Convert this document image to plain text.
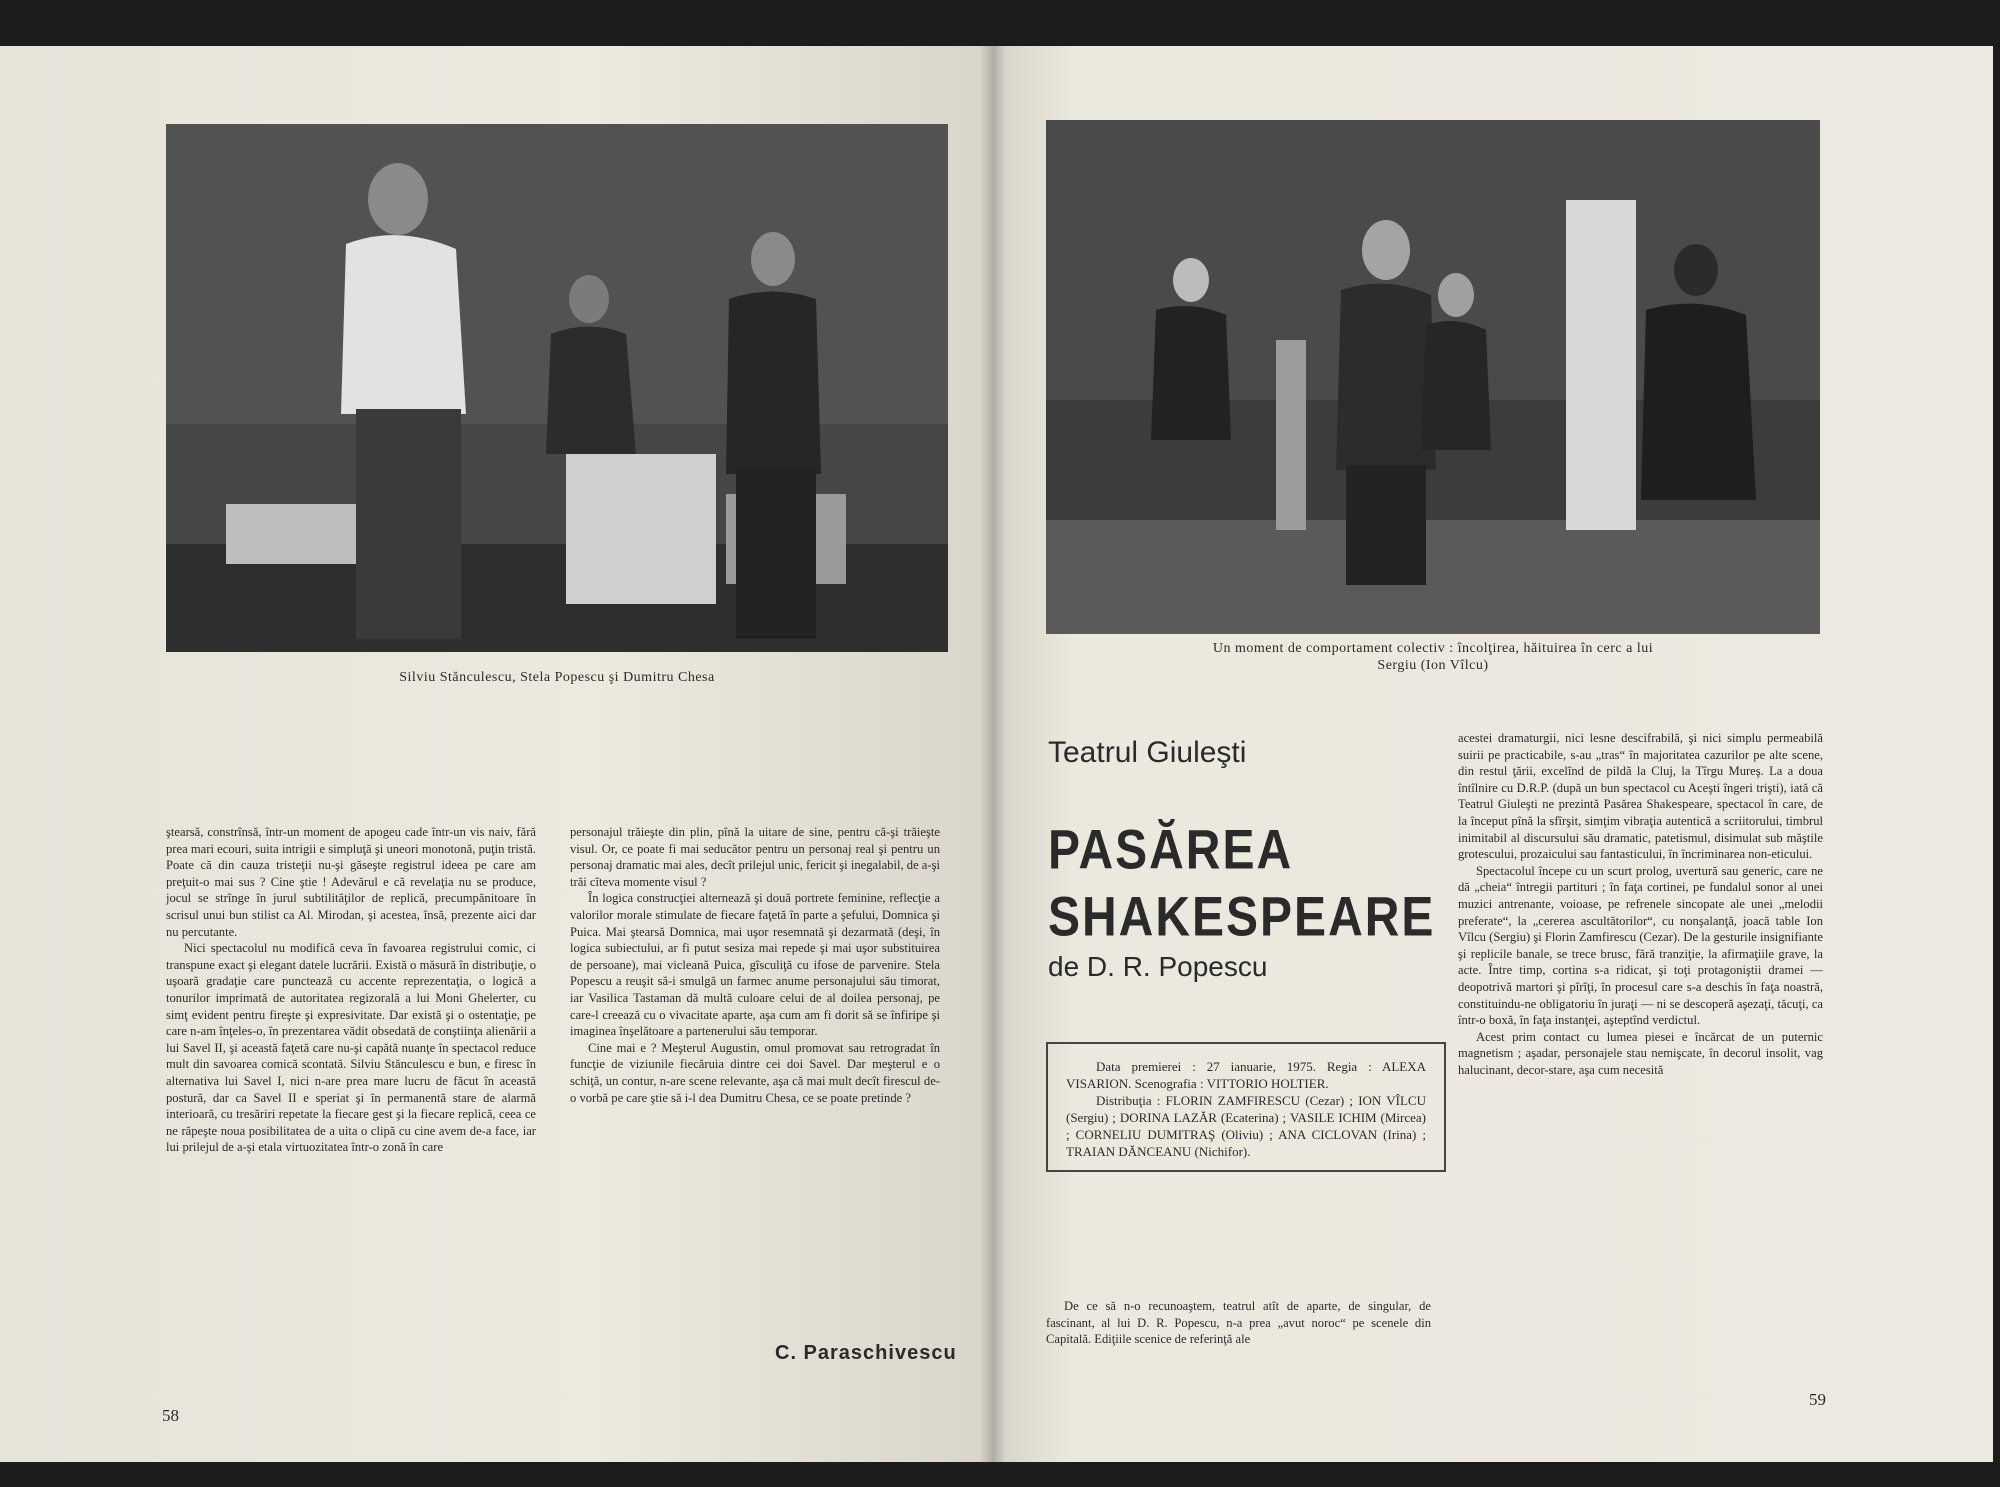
Silviu Stănculescu, Stela Popescu şi Dumitru Chesa

ştearsă, constrînsă, într-un moment de apogeu cade într-un vis naiv, fără prea mari ecouri, suita intrigii e simpluţă şi uneori monotonă, puţin tristă. Poate că din cauza tristeţii nu-şi găseşte registrul ideea pe care am preţuit-o mai sus ? Cine ştie ! Adevărul e că revelaţia nu se produce, jocul se strînge în jurul subtilităţilor de replică, precumpănitoare în scrisul unui bun stilist ca Al. Mirodan, şi acestea, însă, prezente aici dar nu percutante.

Nici spectacolul nu modifică ceva în favoarea registrului comic, ci transpune exact şi elegant datele lucrării. Există o măsură în distribuţie, o uşoară gradaţie care punctează cu accente reprezentaţia, o logică a tonurilor imprimată de autoritatea regizorală a lui Moni Ghelerter, cu simţ evident pentru fireşte şi expresivitate. Dar există şi o ostentaţie, pe care n-am înţeles-o, în prezentarea vădit obsedată de conştiinţa alienării a lui Savel II, şi această faţetă care nu-şi capătă nuanţe în spectacol reduce mult din savoarea comică scontată. Silviu Stănculescu e bun, e firesc în alternativa lui Savel I, nici n-are prea mare lucru de făcut în această postură, dar ca Savel II e speriat şi în permanentă stare de alarmă interioară, cu tresăriri repetate la fiecare gest şi la fiecare replică, ceea ce ne răpeşte noua posibilitatea de a uita o clipă cu cine avem de-a face, iar lui prilejul de a-şi etala virtuozitatea într-o zonă în care

personajul trăieşte din plin, pînă la uitare de sine, pentru că-şi trăieşte visul. Or, ce poate fi mai seducător pentru un personaj real şi pentru un personaj dramatic mai ales, decît prilejul unic, fericit şi inegalabil, de a-şi trăi cîteva momente visul ?

În logica construcţiei alternează şi două portrete feminine, reflecţie a valorilor morale stimulate de fiecare faţetă în parte a şefului, Domnica şi Puica. Mai ştearsă Domnica, mai uşor resemnată şi dezarmată (deşi, în logica subiectului, ar fi putut sesiza mai repede şi mai uşor substituirea de persoane), mai vicleană Puica, gîsculiţă cu ifose de parvenire. Stela Popescu a reuşit să-i smulgă un farmec anume personajului său timorat, iar Vasilica Tastaman dă multă culoare celui de al doilea personaj, pe care-l creează cu o vivacitate aparte, aşa cum am fi dorit să se înfiripe şi imaginea înşelătoare a partenerului său temporar.

Cine mai e ? Meşterul Augustin, omul promovat sau retrogradat în funcţie de viziunile fiecăruia dintre cei doi Savel. Dar meşterul e o schiţă, un contur, n-are scene relevante, aşa că mai mult decît firescul de-o vorbă pe care ştie să i-l dea Dumitru Chesa, ce se poate pretinde ?

C. Paraschivescu
58
Un moment de comportament colectiv : încolţirea, hăituirea în cerc a lui
Sergiu (Ion Vîlcu)
Teatrul Giuleşti
PASĂREA
SHAKESPEARE
de D. R. Popescu

Data premierei : 27 ianuarie, 1975. Regia : ALEXA VISARION. Scenografia : VITTORIO HOLTIER.

Distribuţia : FLORIN ZAMFIRESCU (Cezar) ; ION VÎLCU (Sergiu) ; DORINA LAZĂR (Ecaterina) ; VASILE ICHIM (Mircea) ; CORNELIU DUMITRAŞ (Oliviu) ; ANA CICLOVAN (Irina) ; TRAIAN DĂNCEANU (Nichifor).

De ce să n-o recunoaştem, teatrul atît de aparte, de singular, de fascinant, al lui D. R. Popescu, n-a prea „avut noroc“ pe scenele din Capitală. Ediţiile scenice de referinţă ale

acestei dramaturgii, nici lesne descifrabilă, şi nici simplu permeabilă suirii pe practicabile, s-au „tras“ în majoritatea cazurilor pe alte scene, din restul ţării, excelînd de pildă la Cluj, la Tîrgu Mureş. La a doua întîlnire cu D.R.P. (după un bun spectacol cu Aceşti îngeri trişti), iată că Teatrul Giuleşti ne prezintă Pasărea Shakespeare, spectacol în care, de la început pînă la sfîrşit, simţim vibraţia autentică a scriitorului, timbrul inimitabil al discursului său dramatic, patetismul, disimulat sub măştile grotescului, prozaicului sau fantasticului, în încriminarea non-eticului.

Spectacolul începe cu un scurt prolog, uvertură sau generic, care ne dă „cheia“ întregii partituri ; în faţa cortinei, pe fundalul sonor al unei muzici antrenante, voioase, pe refrenele sincopate ale unei „melodii preferate“, la „cererea ascultătorilor“, cu nonşalanţă, joacă table Ion Vîlcu (Sergiu) şi Florin Zamfirescu (Cezar). De la gesturile insignifiante şi replicile banale, se trece brusc, fără tranziţie, la afirmaţiile grave, la acte. Între timp, cortina s-a ridicat, şi toţi protagoniştii dramei — deopotrivă martori şi pîrîţi, în procesul care s-a deschis în faţa noastră, constituindu-ne obligatoriu în juraţi — ni se descoperă aşezaţi, tăcuţi, ca într-o boxă, în faţa instanţei, aşteptînd verdictul.

Acest prim contact cu lumea piesei e încărcat de un puternic magnetism ; aşadar, personajele stau nemişcate, în decorul insolit, vag halucinant, decor-stare, aşa cum necesită

59
